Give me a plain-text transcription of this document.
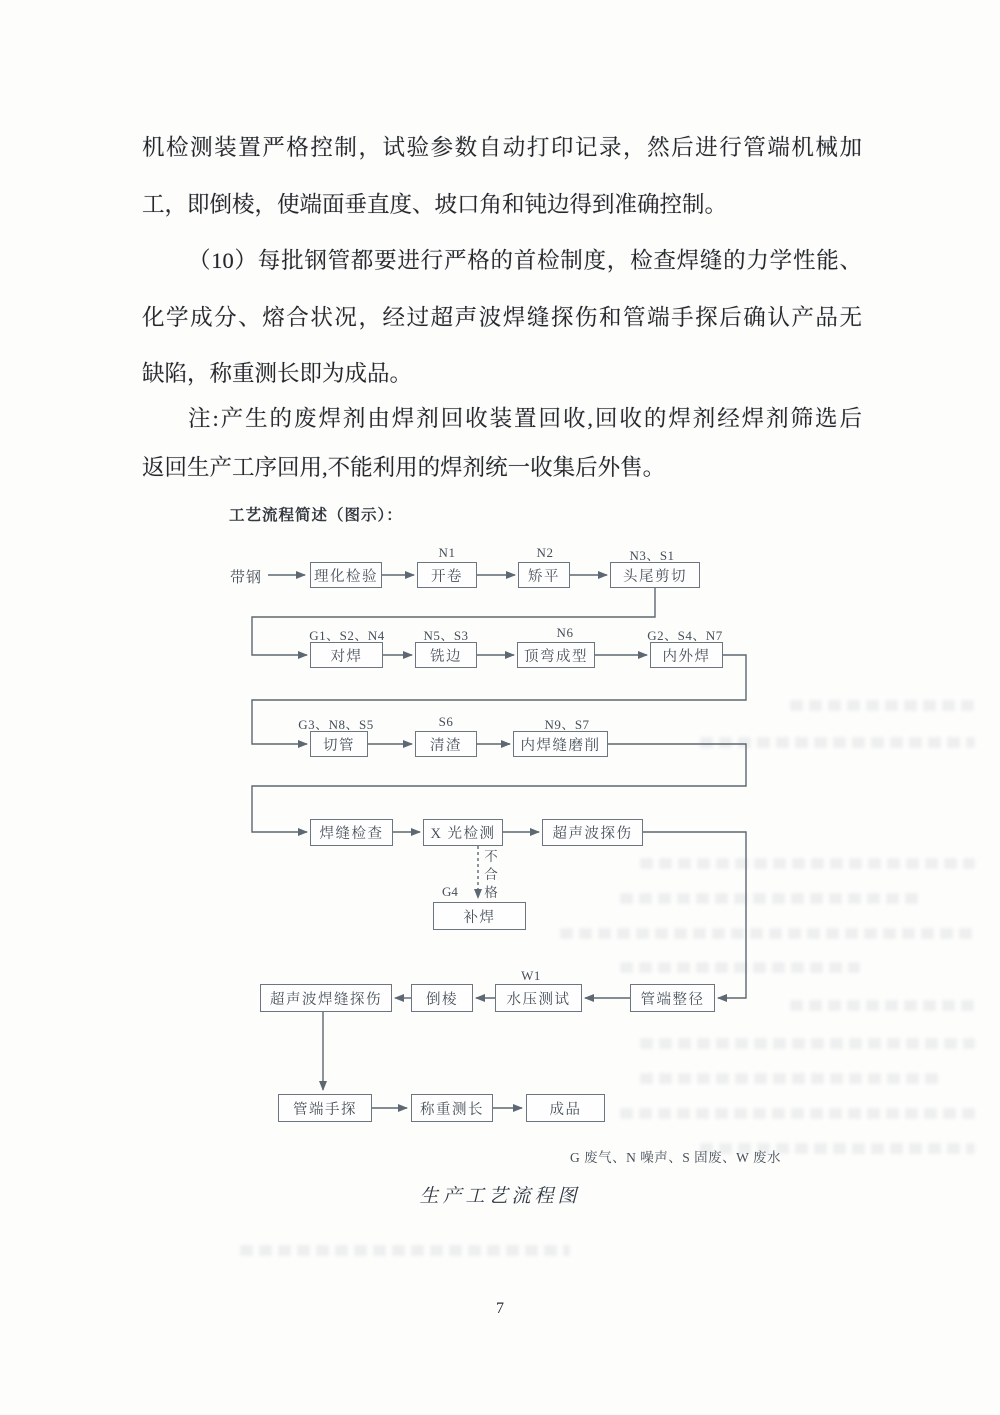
机检测装置严格控制，试验参数自动打印记录，然后进行管端机械加
工，即倒棱，使端面垂直度、坡口角和钝边得到准确控制。
（10）每批钢管都要进行严格的首检制度，检查焊缝的力学性能、
化学成分、熔合状况，经过超声波焊缝探伤和管端手探后确认产品无
缺陷，称重测长即为成品。
注:产生的废焊剂由焊剂回收装置回收,回收的焊剂经焊剂筛选后
返回生产工序回用,不能利用的焊剂统一收集后外售。
工艺流程简述（图示）：
带钢	理化检验	开卷	矫平	头尾剪切
对焊	铣边	顶弯成型	内外焊
切管	清渣	内焊缝磨削
焊缝检查	X 光检测	超声波探伤
补焊
超声波焊缝探伤	倒棱	水压测试	管端整径
管端手探	称重测长	成品
N1	N2	N3、S1
G1、S2、N4	N5、S3	N6	G2、S4、N7
G3、N8、S5	S6	N9、S7
G4
W1
不合格
G 废气、N 噪声、S 固废、W 废水
生产工艺流程图
7
